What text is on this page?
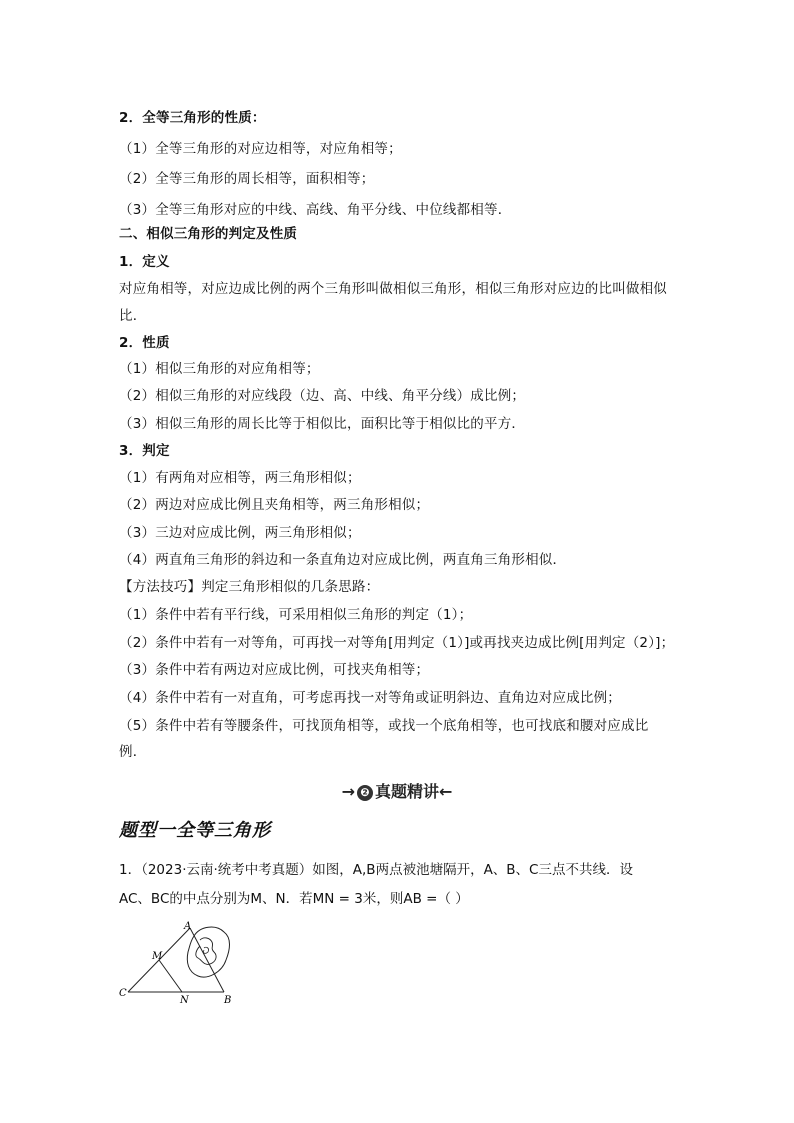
2．全等三角形的性质：
（1）全等三角形的对应边相等，对应角相等；
（2）全等三角形的周长相等，面积相等；
（3）全等三角形对应的中线、高线、角平分线、中位线都相等．
二、相似三角形的判定及性质
1．定义
对应角相等，对应边成比例的两个三角形叫做相似三角形，相似三角形对应边的比叫做相似
比．
2．性质
（1）相似三角形的对应角相等；
（2）相似三角形的对应线段（边、高、中线、角平分线）成比例；
（3）相似三角形的周长比等于相似比，面积比等于相似比的平方．
3．判定
（1）有两角对应相等，两三角形相似；
（2）两边对应成比例且夹角相等，两三角形相似；
（3）三边对应成比例，两三角形相似；
（4）两直角三角形的斜边和一条直角边对应成比例，两直角三角形相似．
【方法技巧】判定三角形相似的几条思路：
（1）条件中若有平行线，可采用相似三角形的判定（1）；
（2）条件中若有一对等角，可再找一对等角[用判定（1）]或再找夹边成比例[用判定（2）]；
（3）条件中若有两边对应成比例，可找夹角相等；
（4）条件中若有一对直角，可考虑再找一对等角或证明斜边、直角边对应成比例；
（5）条件中若有等腰条件，可找顶角相等，或找一个底角相等，也可找底和腰对应成比
例．
→ ❷ 真题精讲←
题型一全等三角形
1．（2023·云南·统考中考真题）如图，A,B两点被池塘隔开，A、B、C三点不共线．设
AC、BC的中点分别为M、N．若MN = 3米，则AB =（ ）
A
M
C
N	B
